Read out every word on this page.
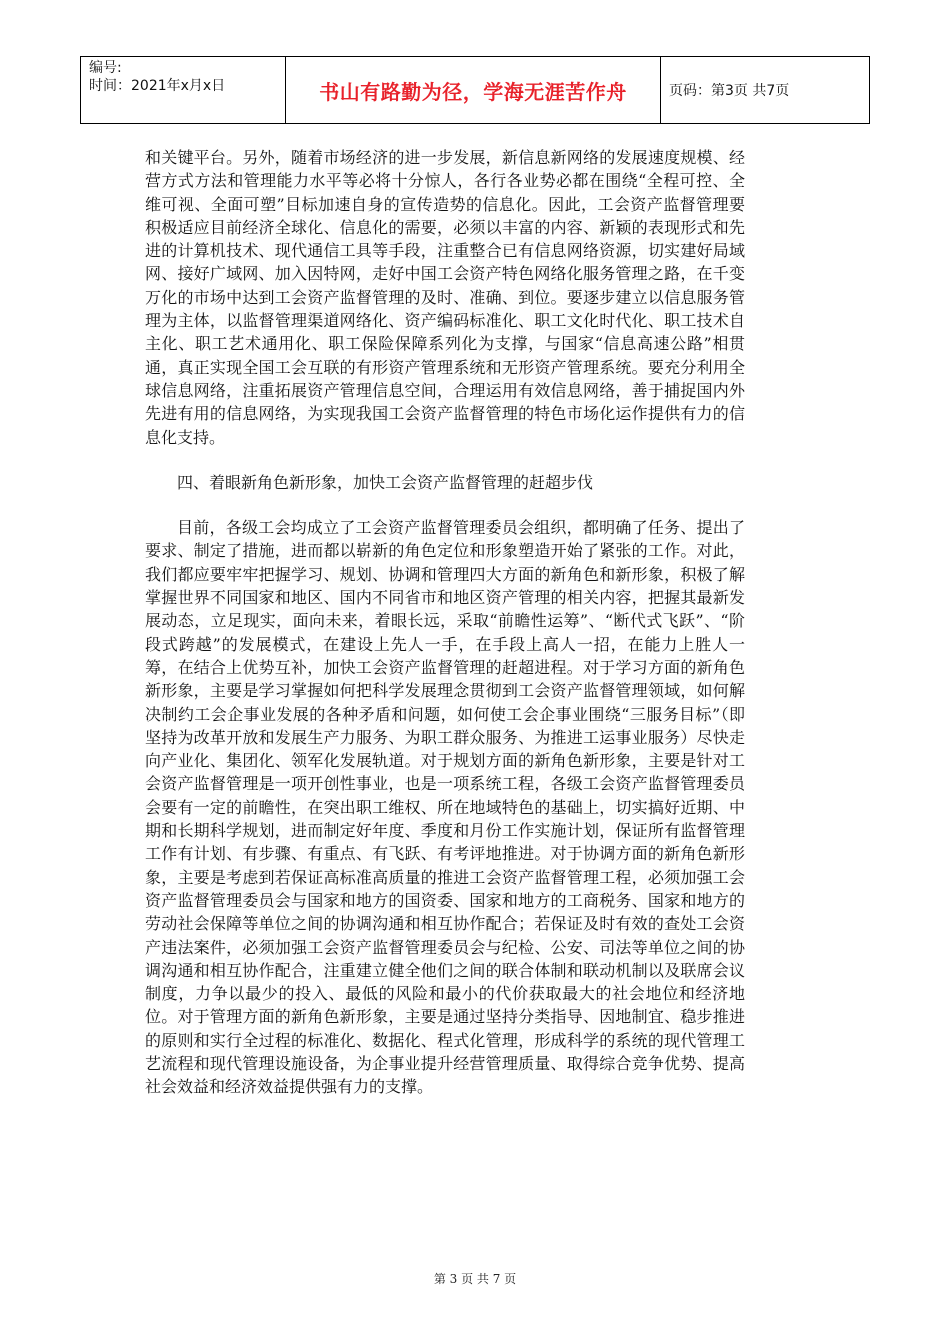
编号:
时间：2021年x月x日	书山有路勤为径，学海无涯苦作舟	页码：第3页 共7页

和关键平台。另外，随着市场经济的进一步发展，新信息新网络的发展速度规模、经营方式方法和管理能力水平等必将十分惊人，各行各业势必都在围绕“全程可控、全维可视、全面可塑”目标加速自身的宣传造势的信息化。因此，工会资产监督管理要积极适应目前经济全球化、信息化的需要，必须以丰富的内容、新颖的表现形式和先进的计算机技术、现代通信工具等手段，注重整合已有信息网络资源，切实建好局域网、接好广域网、加入因特网，走好中国工会资产特色网络化服务管理之路，在千变万化的市场中达到工会资产监督管理的及时、准确、到位。要逐步建立以信息服务管理为主体，以监督管理渠道网络化、资产编码标准化、职工文化时代化、职工技术自主化、职工艺术通用化、职工保险保障系列化为支撑，与国家“信息高速公路”相贯通，真正实现全国工会互联的有形资产管理系统和无形资产管理系统。要充分利用全球信息网络，注重拓展资产管理信息空间，合理运用有效信息网络，善于捕捉国内外先进有用的信息网络，为实现我国工会资产监督管理的特色市场化运作提供有力的信息化支持。

四、着眼新角色新形象，加快工会资产监督管理的赶超步伐

目前，各级工会均成立了工会资产监督管理委员会组织，都明确了任务、提出了要求、制定了措施，进而都以崭新的角色定位和形象塑造开始了紧张的工作。对此，我们都应要牢牢把握学习、规划、协调和管理四大方面的新角色和新形象，积极了解掌握世界不同国家和地区、国内不同省市和地区资产管理的相关内容，把握其最新发展动态，立足现实，面向未来，着眼长远，采取“前瞻性运筹”、“断代式飞跃”、“阶段式跨越”的发展模式，在建设上先人一手，在手段上高人一招，在能力上胜人一筹，在结合上优势互补，加快工会资产监督管理的赶超进程。对于学习方面的新角色新形象，主要是学习掌握如何把科学发展理念贯彻到工会资产监督管理领域，如何解决制约工会企事业发展的各种矛盾和问题，如何使工会企事业围绕“三服务目标”（即坚持为改革开放和发展生产力服务、为职工群众服务、为推进工运事业服务）尽快走向产业化、集团化、领军化发展轨道。对于规划方面的新角色新形象，主要是针对工会资产监督管理是一项开创性事业，也是一项系统工程，各级工会资产监督管理委员会要有一定的前瞻性，在突出职工维权、所在地域特色的基础上，切实搞好近期、中期和长期科学规划，进而制定好年度、季度和月份工作实施计划，保证所有监督管理工作有计划、有步骤、有重点、有飞跃、有考评地推进。对于协调方面的新角色新形象，主要是考虑到若保证高标准高质量的推进工会资产监督管理工程，必须加强工会资产监督管理委员会与国家和地方的国资委、国家和地方的工商税务、国家和地方的劳动社会保障等单位之间的协调沟通和相互协作配合；若保证及时有效的查处工会资产违法案件，必须加强工会资产监督管理委员会与纪检、公安、司法等单位之间的协调沟通和相互协作配合，注重建立健全他们之间的联合体制和联动机制以及联席会议制度，力争以最少的投入、最低的风险和最小的代价获取最大的社会地位和经济地位。对于管理方面的新角色新形象，主要是通过坚持分类指导、因地制宜、稳步推进的原则和实行全过程的标准化、数据化、程式化管理，形成科学的系统的现代管理工艺流程和现代管理设施设备，为企事业提升经营管理质量、取得综合竞争优势、提高社会效益和经济效益提供强有力的支撑。

第 3 页 共 7 页
